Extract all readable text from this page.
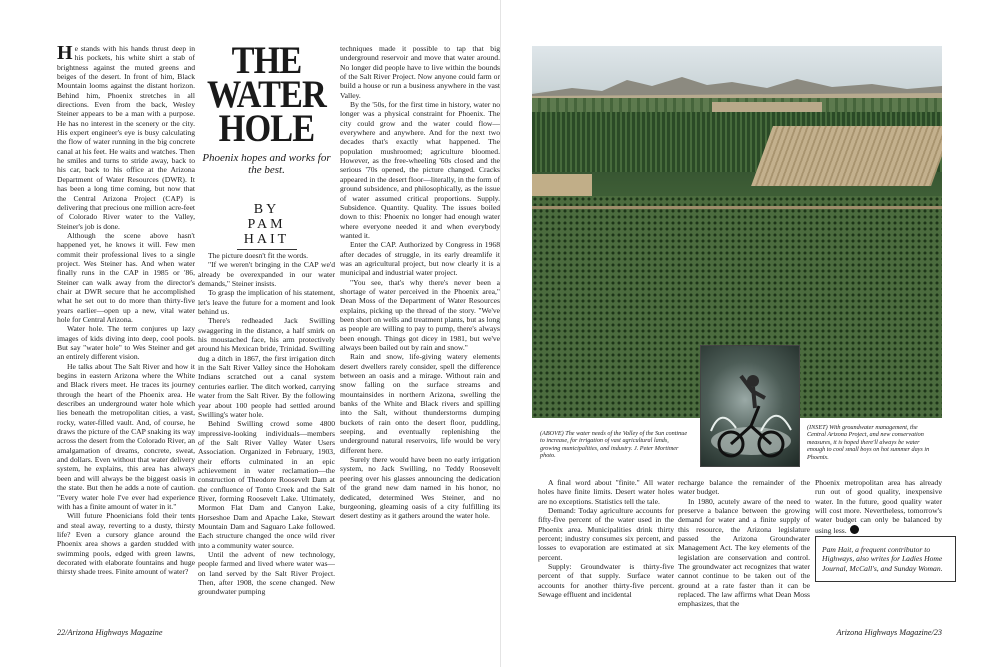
He stands with his hands thrust deep in his pockets, his white shirt a stab of brightness against the muted greens and beiges of the desert. In front of him, Black Mountain looms against the distant horizon. Behind him, Phoenix stretches in all directions. Even from the back, Wesley Steiner appears to be a man with a purpose. He has no interest in the scenery or the city. His expert engineer's eye is busy calculating the flow of water running in the big concrete canal at his feet. He waits and watches. Then he smiles and turns to stride away, back to his car, back to his office at the Arizona Department of Water Resources (DWR). It has been a long time coming, but now that the Central Arizona Project (CAP) is delivering that precious one million acre-feet of Colorado River water to the Valley, Steiner's job is done.

Although the scene above hasn't happened yet, he knows it will. Few men commit their professional lives to a single project. Wes Steiner has. And when water finally runs in the CAP in 1985 or '86, Steiner can walk away from the director's chair at DWR secure that he accomplished what he set out to do more than thirty-five years earlier—open up a new, vital water hole for Central Arizona.

Water hole. The term conjures up lazy images of kids diving into deep, cool pools. But say "water hole" to Wes Steiner and get an entirely different vision.

He talks about The Salt River and how it begins in eastern Arizona where the White and Black rivers meet. He traces its journey through the heart of the Phoenix area. He describes an underground water hole which lies beneath the metropolitan cities, a vast, rocky, water-filled vault. And, of course, he draws the picture of the CAP snaking its way across the desert from the Colorado River, an amalgamation of dreams, concrete, sweat, and dollars. Even without that water delivery system, he explains, this area has always been and will always be the biggest oasis in the state. But then he adds a note of caution. "Every water hole I've ever had experience with has a finite amount of water in it."

Will future Phoenicians fold their tents and steal away, reverting to a dusty, thirsty life? Even a cursory glance around the Phoenix area shows a garden studded with swimming pools, edged with green lawns, decorated with elaborate fountains and huge thirsty shade trees. Finite amount of water?

THE
WATER
HOLE
Phoenix hopes and works for the best.
BY
PAM
HAIT

The picture doesn't fit the words.

"If we weren't bringing in the CAP we'd already be overexpanded in our water demands," Steiner insists.

To grasp the implication of his statement, let's leave the future for a moment and look behind us.

There's redheaded Jack Swilling swaggering in the distance, a half smirk on his moustached face, his arm protectively around his Mexican bride, Trinidad. Swilling dug a ditch in 1867, the first irrigation ditch in the Salt River Valley since the Hohokam Indians scratched out a canal system centuries earlier. The ditch worked, carrying water from the Salt River. By the following year about 100 people had settled around Swilling's water hole.

Behind Swilling crowd some 4800 impressive-looking individuals—members of the Salt River Valley Water Users Association. Organized in February, 1903, their efforts culminated in an epic achievement in water reclamation—the construction of Theodore Roosevelt Dam at the confluence of Tonto Creek and the Salt River, forming Roosevelt Lake. Ultimately, Mormon Flat Dam and Canyon Lake, Horseshoe Dam and Apache Lake, Stewart Mountain Dam and Saguaro Lake followed. Each structure changed the once wild river into a community water source.

Until the advent of new technology, people farmed and lived where water was—on land served by the Salt River Project. Then, after 1908, the scene changed. New groundwater pumping

techniques made it possible to tap that big underground reservoir and move that water around. No longer did people have to live within the bounds of the Salt River Project. Now anyone could farm or build a house or run a business anywhere in the vast Valley.

By the '50s, for the first time in history, water no longer was a physical constraint for Phoenix. The city could grow and the water could flow—everywhere and anywhere. And for the next two decades that's exactly what happened. The population mushroomed; agriculture bloomed. However, as the free-wheeling '60s closed and the serious '70s opened, the picture changed. Cracks appeared in the desert floor—literally, in the form of ground subsidence, and philosophically, as the issue of water assumed critical proportions. Supply. Subsidence. Quantity. Quality. The issues boiled down to this: Phoenix no longer had enough water where everyone needed it and when everybody wanted it.

Enter the CAP. Authorized by Congress in 1968 after decades of struggle, in its early dreamlife it was an agricultural project, but now clearly it is a municipal and industrial water project.

"You see, that's why there's never been a shortage of water perceived in the Phoenix area," Dean Moss of the Department of Water Resources explains, picking up the thread of the story. "We've been short on wells and treatment plants, but as long as people are willing to pay to pump, there's always been enough. Things got dicey in 1981, but we've always been bailed out by rain and snow."

Rain and snow, life-giving watery elements desert dwellers rarely consider, spell the difference between an oasis and a mirage. Without rain and snow falling on the surface streams and mountainsides in northern Arizona, swelling the banks of the White and Black rivers and spilling into the Salt, without thunderstorms dumping buckets of rain onto the desert floor, puddling, seeping, and eventually replenishing the underground natural reservoirs, life would be very different here.

Surely there would have been no early irrigation system, no Jack Swilling, no Teddy Roosevelt peering over his glasses announcing the dedication of the grand new dam named in his honor, no dedicated, determined Wes Steiner, and no burgeoning, gleaming oasis of a city fulfilling its desert destiny as it gathers around the water hole.

(ABOVE) The water needs of the Valley of the Sun continue to increase, for irrigation of vast agricultural lands, growing municipalities, and industry. J. Peter Mortimer photo.
(INSET) With groundwater management, the Central Arizona Project, and new conservation measures, it is hoped there'll always be water enough to cool small boys on hot summer days in Phoenix.

A final word about "finite." All water holes have finite limits. Desert water holes are no exceptions. Statistics tell the tale.

Demand: Today agriculture accounts for fifty-five percent of the water used in the Phoenix area. Municipalities drink thirty percent; industry consumes six percent, and losses to evaporation are estimated at six percent.

Supply: Groundwater is thirty-five percent of that supply. Surface water accounts for another thirty-five percent. Sewage effluent and incidental

recharge balance the remainder of the water budget.

In 1980, acutely aware of the need to preserve a balance between the growing demand for water and a finite supply of this resource, the Arizona legislature passed the Arizona Groundwater Management Act. The key elements of the legislation are conservation and control. The groundwater act recognizes that water cannot continue to be taken out of the ground at a rate faster than it can be replaced. The law affirms what Dean Moss emphasizes, that the

Phoenix metropolitan area has already run out of good quality, inexpensive water. In the future, good quality water will cost more. Nevertheless, tomorrow's water budget can only be balanced by using less.

Pam Hait, a frequent contributor to Highways, also writes for Ladies Home Journal, McCall's, and Sunday Woman.
22/Arizona Highways Magazine	Arizona Highways Magazine/23
